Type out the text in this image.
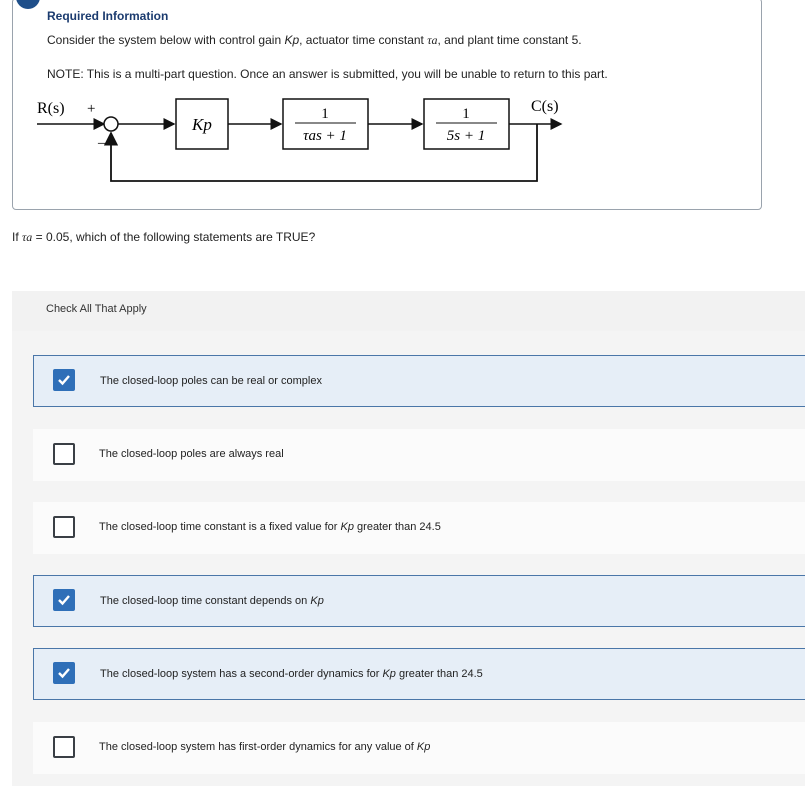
Required Information
Consider the system below with control gain Kp, actuator time constant τa, and plant time constant 5.
NOTE: This is a multi-part question. Once an answer is submitted, you will be unable to return to this part.
R(s) +
–
Kp
1
τas + 1
1
5s + 1
C(s)
If τa = 0.05, which of the following statements are TRUE?
Check All That Apply
The closed-loop poles can be real or complex
The closed-loop poles are always real
The closed-loop time constant is a fixed value for Kp greater than 24.5
The closed-loop time constant depends on Kp
The closed-loop system has a second-order dynamics for Kp greater than 24.5
The closed-loop system has first-order dynamics for any value of Kp
